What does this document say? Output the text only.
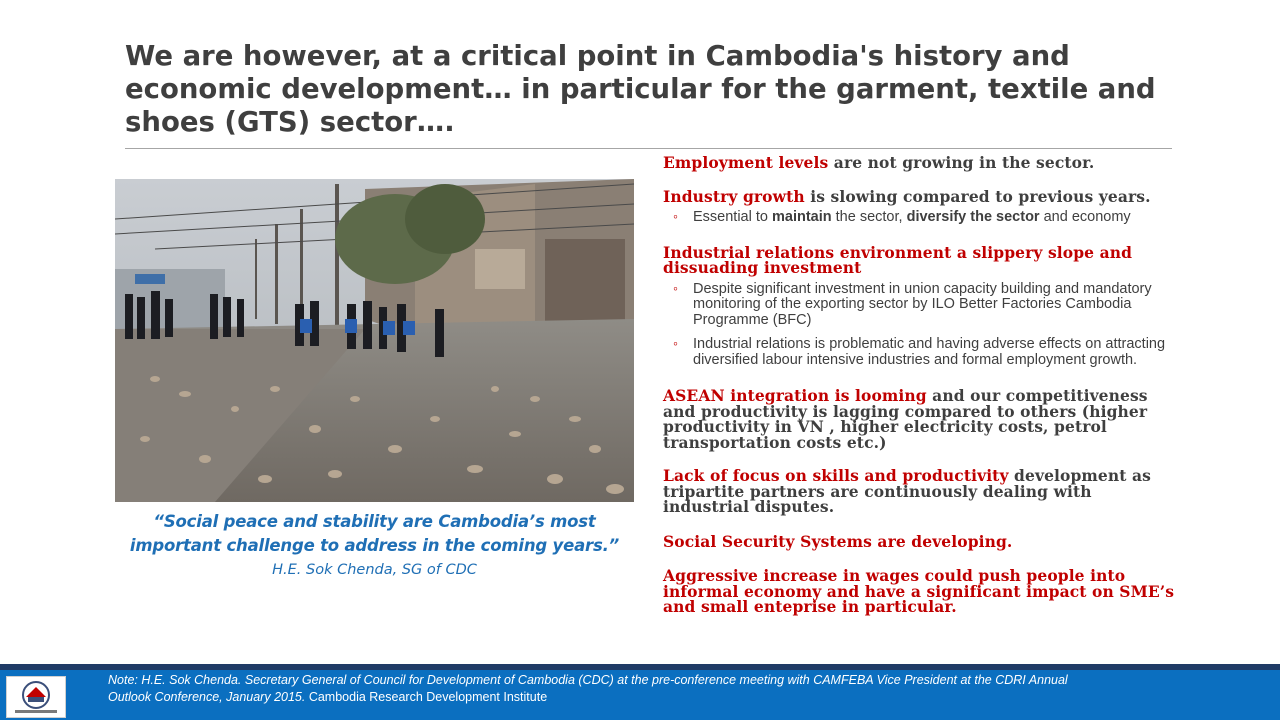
We are however, at a critical point in Cambodia's history and economic development… in particular for the garment, textile and shoes (GTS) sector….
“Social peace and stability are Cambodia’s most
important challenge to address in the coming years.”
H.E. Sok Chenda, SG of CDC
Employment levels are not growing in the sector.
Industry growth is slowing compared to previous years.
◦ Essential to maintain the sector, diversify the sector and economy
Industrial relations environment a slippery slope and dissuading investment
◦ Despite significant investment in union capacity building and mandatory monitoring of the exporting sector by ILO Better Factories Cambodia Programme (BFC)
◦ Industrial relations is problematic and having adverse effects on attracting diversified labour intensive industries and formal employment growth.
ASEAN integration is looming and our competitiveness and productivity is lagging compared to others (higher productivity in VN , higher electricity costs, petrol transportation costs etc.)
Lack of focus on skills and productivity development as tripartite partners are continuously dealing with industrial disputes.
Social Security Systems are developing.
Aggressive increase in wages could push people into informal economy and have a significant impact on SME’s and small enteprise in particular.
Note: H.E. Sok Chenda. Secretary General of Council for Development of Cambodia (CDC) at the pre-conference meeting with CAMFEBA Vice President at the CDRI Annual Outlook Conference, January 2015. Cambodia Research Development Institute
